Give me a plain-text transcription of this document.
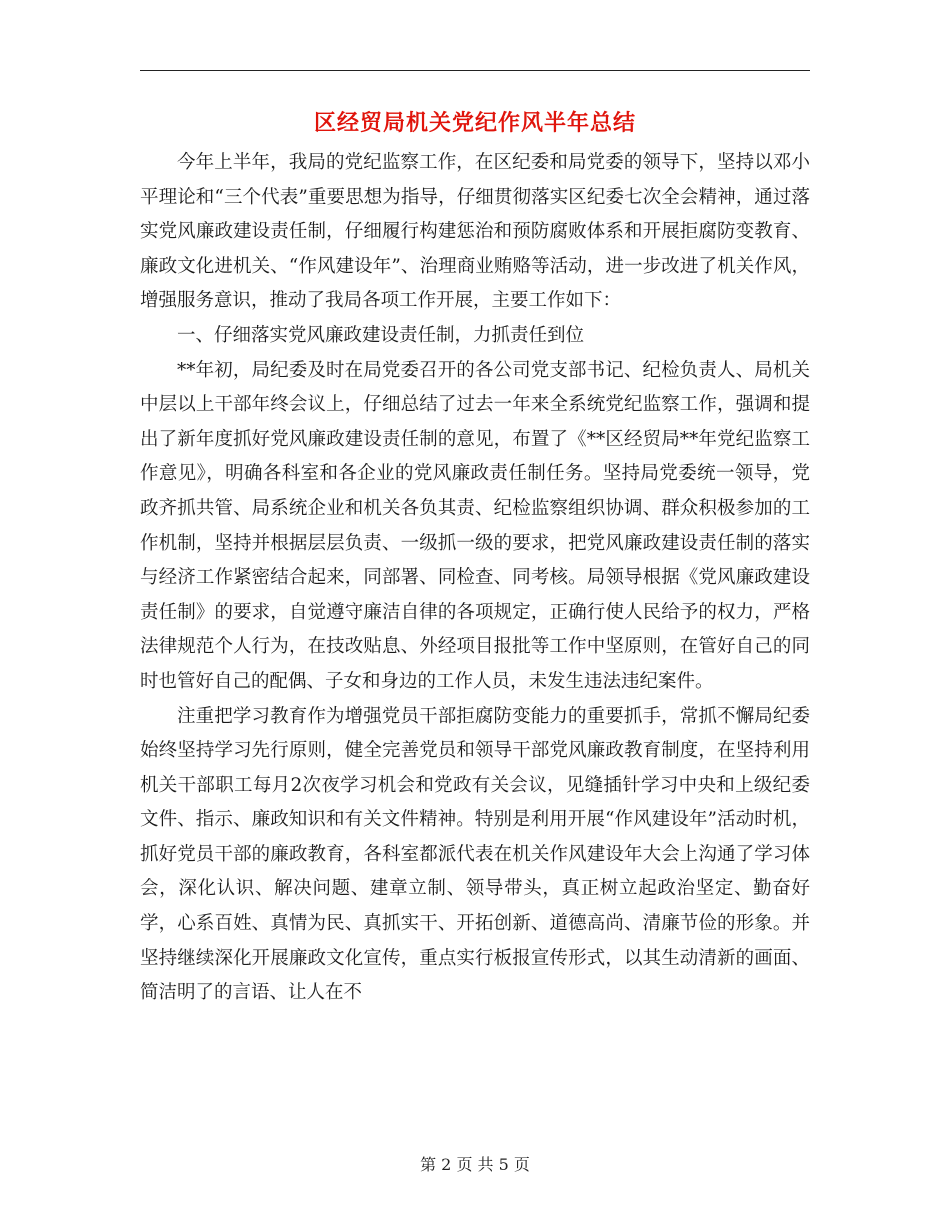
区经贸局机关党纪作风半年总结

今年上半年，我局的党纪监察工作，在区纪委和局党委的领导下，坚持以邓小平理论和“三个代表”重要思想为指导，仔细贯彻落实区纪委七次全会精神，通过落实党风廉政建设责任制，仔细履行构建惩治和预防腐败体系和开展拒腐防变教育、廉政文化进机关、“作风建设年”、治理商业贿赂等活动，进一步改进了机关作风，增强服务意识，推动了我局各项工作开展，主要工作如下：

一、仔细落实党风廉政建设责任制，力抓责任到位

**年初，局纪委及时在局党委召开的各公司党支部书记、纪检负责人、局机关中层以上干部年终会议上，仔细总结了过去一年来全系统党纪监察工作，强调和提出了新年度抓好党风廉政建设责任制的意见，布置了《**区经贸局**年党纪监察工作意见》，明确各科室和各企业的党风廉政责任制任务。坚持局党委统一领导，党政齐抓共管、局系统企业和机关各负其责、纪检监察组织协调、群众积极参加的工作机制，坚持并根据层层负责、一级抓一级的要求，把党风廉政建设责任制的落实与经济工作紧密结合起来，同部署、同检查、同考核。局领导根据《党风廉政建设责任制》的要求，自觉遵守廉洁自律的各项规定，正确行使人民给予的权力，严格法律规范个人行为，在技改贴息、外经项目报批等工作中坚原则，在管好自己的同时也管好自己的配偶、子女和身边的工作人员，未发生违法违纪案件。

注重把学习教育作为增强党员干部拒腐防变能力的重要抓手，常抓不懈局纪委始终坚持学习先行原则，健全完善党员和领导干部党风廉政教育制度，在坚持利用机关干部职工每月2次夜学习机会和党政有关会议，见缝插针学习中央和上级纪委文件、指示、廉政知识和有关文件精神。特别是利用开展“作风建设年”活动时机，抓好党员干部的廉政教育，各科室都派代表在机关作风建设年大会上沟通了学习体会，深化认识、解决问题、建章立制、领导带头，真正树立起政治坚定、勤奋好学，心系百姓、真情为民、真抓实干、开拓创新、道德高尚、清廉节俭的形象。并坚持继续深化开展廉政文化宣传，重点实行板报宣传形式，以其生动清新的画面、简洁明了的言语、让人在不

第 2 页 共 5 页
